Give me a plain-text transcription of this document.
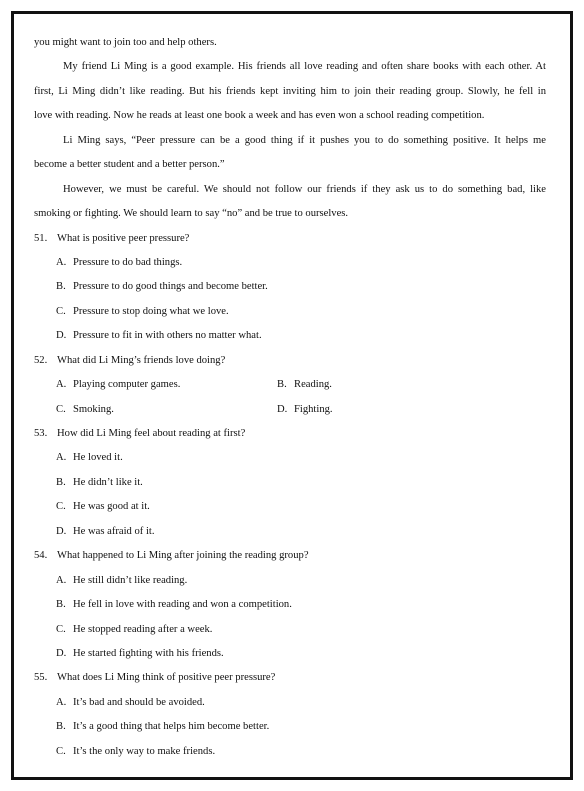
you might want to join too and help others.
My friend Li Ming is a good example. His friends all love reading and often share books with each other. At
first, Li Ming didn’t like reading. But his friends kept inviting him to join their reading group. Slowly, he fell in
love with reading. Now he reads at least one book a week and has even won a school reading competition.
Li Ming says, “Peer pressure can be a good thing if it pushes you to do something positive. It helps me
become a better student and a better person.”
However, we must be careful. We should not follow our friends if they ask us to do something bad, like
smoking or fighting. We should learn to say “no” and be true to ourselves.
51. What is positive peer pressure?
A. Pressure to do bad things.
B. Pressure to do good things and become better.
C. Pressure to stop doing what we love.
D. Pressure to fit in with others no matter what.
52. What did Li Ming’s friends love doing?
A. Playing computer games.	B. Reading.
C. Smoking.	D. Fighting.
53. How did Li Ming feel about reading at first?
A. He loved it.
B. He didn’t like it.
C. He was good at it.
D. He was afraid of it.
54. What happened to Li Ming after joining the reading group?
A. He still didn’t like reading.
B. He fell in love with reading and won a competition.
C. He stopped reading after a week.
D. He started fighting with his friends.
55. What does Li Ming think of positive peer pressure?
A. It’s bad and should be avoided.
B. It’s a good thing that helps him become better.
C. It’s the only way to make friends.
